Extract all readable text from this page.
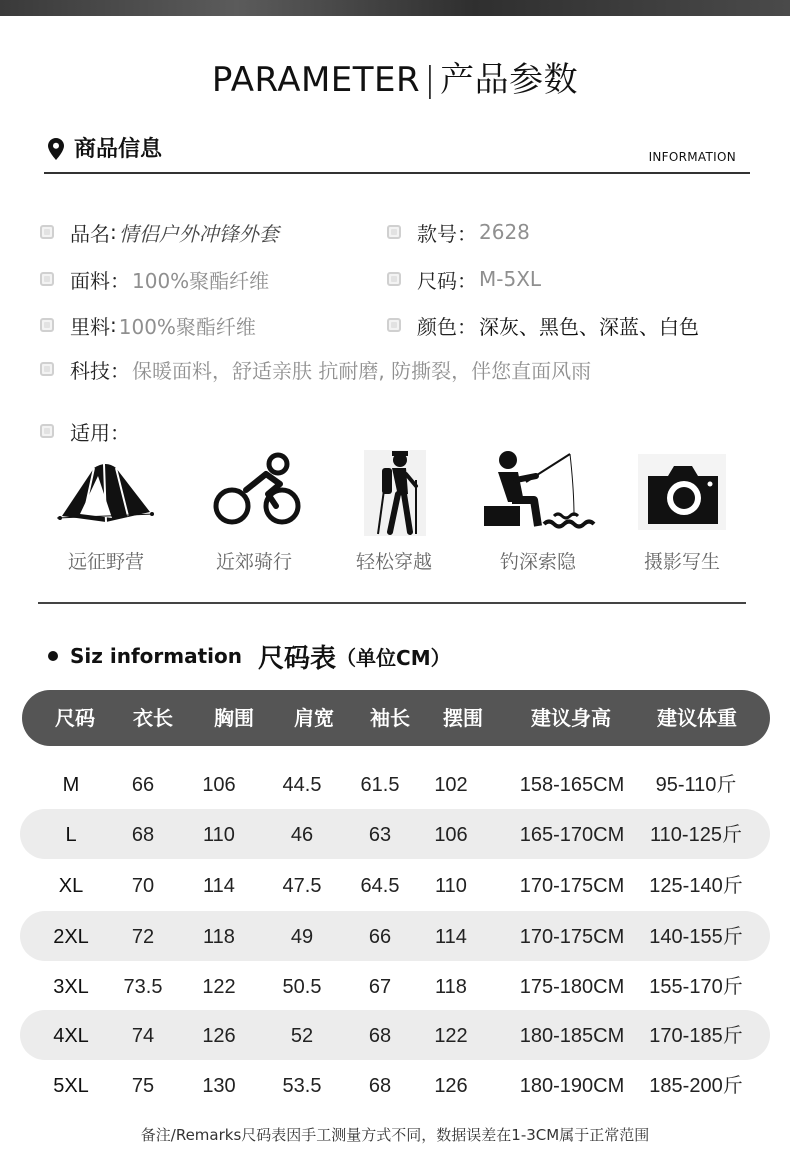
PARAMETER | 产品参数
商品信息	INFORMATION
品名 : 情侣户外冲锋外套	款号 ： 2628
面料 ： 100%聚酯纤维	尺码 ： M-5XL
里料 : 100%聚酯纤维	颜色 ： 深灰、黑色、深蓝、白色
科技 ： 保暖面料，舒适亲肤 抗耐磨, 防撕裂，伴您直面风雨
适用 ：
远征野营	近郊骑行	轻松穿越	钓深索隐	摄影写生
Siz information 尺码表 （单位CM）
尺码	衣长	胸围	肩宽	袖长	摆围	建议身高	建议体重
M	66	106	44.5	61.5	102	158-165CM	95-110斤
L	68	110	46	63	106	165-170CM	110-125斤
XL	70	114	47.5	64.5	110	170-175CM	125-140斤
2XL	72	118	49	66	114	170-175CM	140-155斤
3XL	73.5	122	50.5	67	118	175-180CM	155-170斤
4XL	74	126	52	68	122	180-185CM	170-185斤
5XL	75	130	53.5	68	126	180-190CM	185-200斤
备注/Remarks尺码表因手工测量方式不同，数据误差在1-3CM属于正常范围
